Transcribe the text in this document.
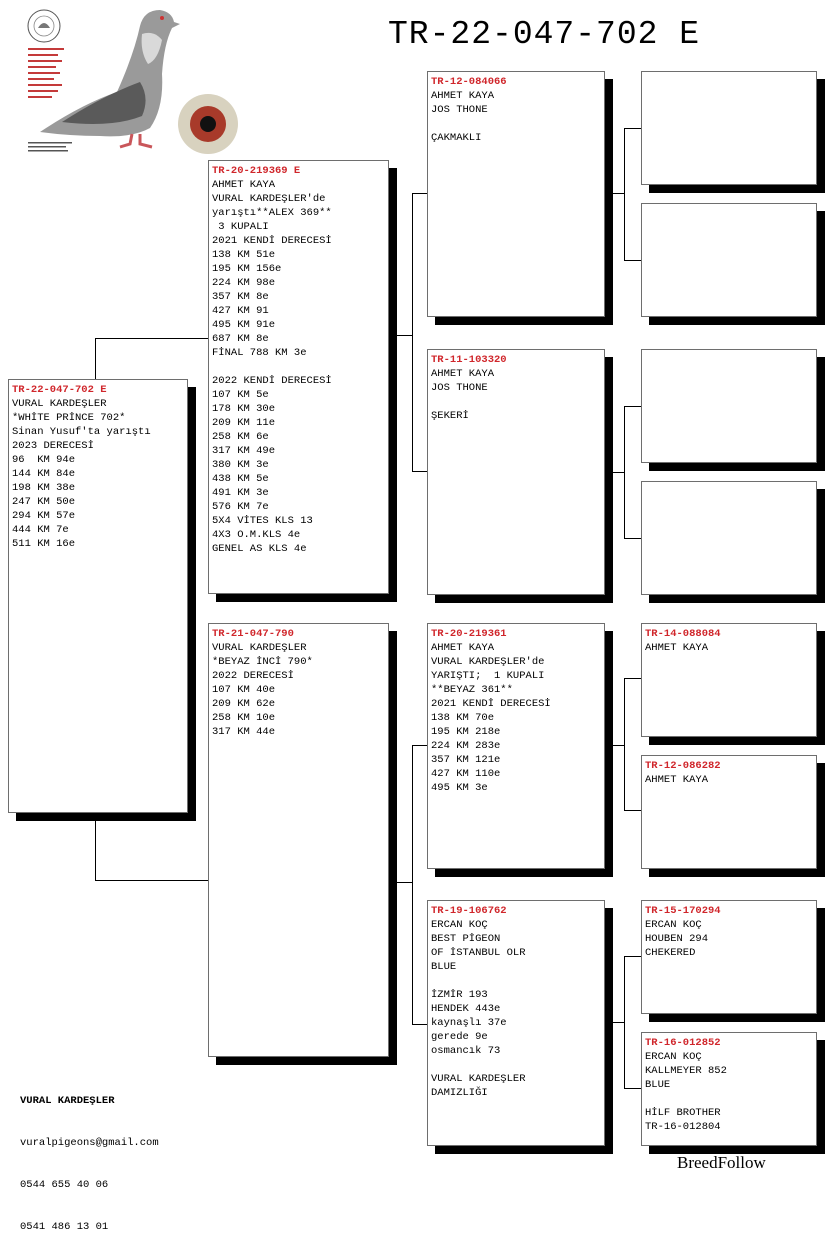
TR-22-047-702 E
TR-22-047-702 E
VURAL KARDEŞLER
*WHİTE PRİNCE 702*
Sinan Yusuf'ta yarıştı
2023 DERECESİ
96  KM 94e
144 KM 84e
198 KM 38e
247 KM 50e
294 KM 57e
444 KM 7e
511 KM 16e
TR-20-219369 E
AHMET KAYA
VURAL KARDEŞLER'de
yarıştı**ALEX 369**
3 KUPALI
2021 KENDİ DERECESİ
138 KM 51e
195 KM 156e
224 KM 98e
357 KM 8e
427 KM 91
495 KM 91e
687 KM 8e
FİNAL 788 KM 3e

2022 KENDİ DERECESİ
107 KM 5e
178 KM 30e
209 KM 11e
258 KM 6e
317 KM 49e
380 KM 3e
438 KM 5e
491 KM 3e
576 KM 7e
5X4 VİTES KLS 13
4X3 O.M.KLS 4e
GENEL AS KLS 4e
TR-21-047-790
VURAL KARDEŞLER
*BEYAZ İNCİ 790*
2022 DERECESİ
107 KM 40e
209 KM 62e
258 KM 10e
317 KM 44e
TR-12-084066
AHMET KAYA
JOS THONE

ÇAKMAKLI
TR-11-103320
AHMET KAYA
JOS THONE

ŞEKERİ
TR-20-219361
AHMET KAYA
VURAL KARDEŞLER'de
YARIŞTI;  1 KUPALI
**BEYAZ 361**
2021 KENDİ DERECESİ
138 KM 70e
195 KM 218e
224 KM 283e
357 KM 121e
427 KM 110e
495 KM 3e
TR-19-106762
ERCAN KOÇ
BEST PİGEON
OF İSTANBUL OLR
BLUE

İZMİR 193
HENDEK 443e
kaynaşlı 37e
gerede 9e
osmancık 73

VURAL KARDEŞLER
DAMIZLIĞI
TR-14-088084
AHMET KAYA
TR-12-086282
AHMET KAYA
TR-15-170294
ERCAN KOÇ
HOUBEN 294
CHEKERED
TR-16-012852
ERCAN KOÇ
KALLMEYER 852
BLUE

HİLF BROTHER
TR-16-012804

VURAL KARDEŞLER

vuralpigeons@gmail.com

0544 655 40 06

0541 486 13 01

BreedFollow
